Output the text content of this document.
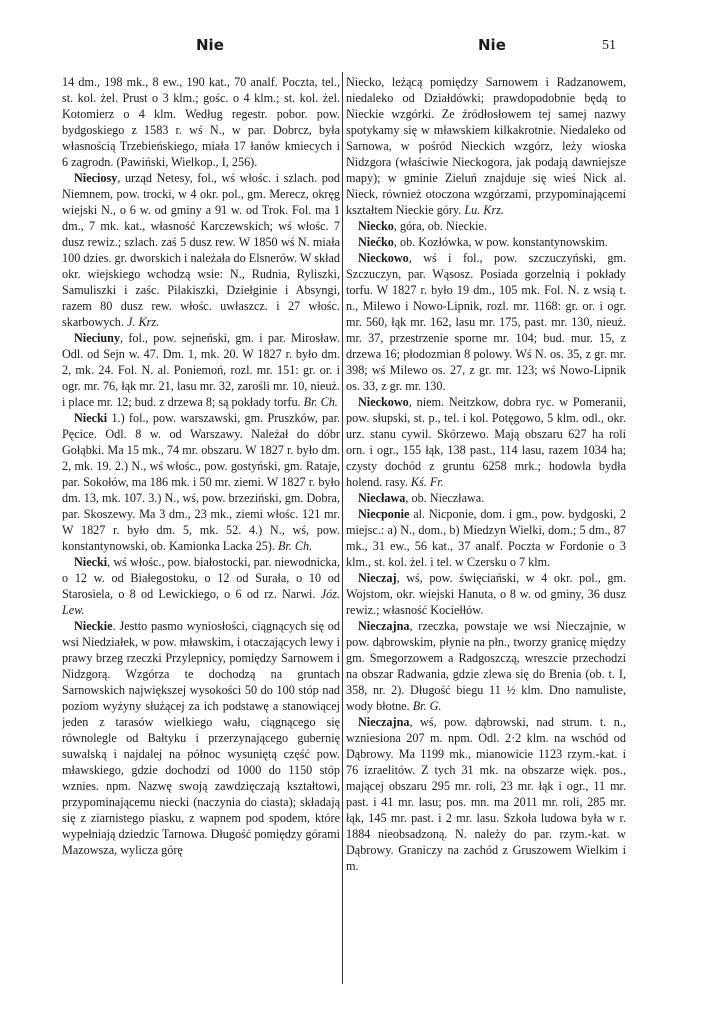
Nie	Nie	51

14 dm., 198 mk., 8 ew., 190 kat., 70 analf. Poczta, tel., st. kol. żel. Prust o 3 klm.; gośc. o 4 klm.; st. kol. żel. Kotomierz o 4 klm. Według regestr. pobor. pow. bydgoskiego z 1583 r. wś N., w par. Dobrcz, była własnością Trzebieńskiego, miała 17 łanów kmiecych i 6 zagrodn. (Pawiński, Wielkop., I, 256).

Nieciosy, urząd Netesy, fol., wś włośc. i szlach. pod Niemnem, pow. trocki, w 4 okr. pol., gm. Merecz, okręg wiejski N., o 6 w. od gminy a 91 w. od Trok. Fol. ma 1 dm., 7 mk. kat., własność Karczewskich; wś włośc. 7 dusz rewiz.; szlach. zaś 5 dusz rew. W 1850 wś N. miała 100 dzies. gr. dworskich i należała do Elsnerów. W skład okr. wiejskiego wchodzą wsie: N., Rudnia, Ryliszki, Samuliszki i zaśc. Pilakiszki, Dziełginie i Absyngi, razem 80 dusz rew. włośc. uwłaszcz. i 27 włośc. skarbowych. J. Krz.

Nieciuny, fol., pow. sejneński, gm. i par. Mirosław. Odl. od Sejn w. 47. Dm. 1, mk. 20. W 1827 r. było dm. 2, mk. 24. Fol. N. al. Poniemoń, rozl. mr. 151: gr. or. i ogr. mr. 76, łąk mr. 21, lasu mr. 32, zarośli mr. 10, nieuż. i place mr. 12; bud. z drzewa 8; są pokłady torfu. Br. Ch.

Niecki 1.) fol., pow. warszawski, gm. Pruszków, par. Pęcice. Odl. 8 w. od Warszawy. Należał do dóbr Gołąbki. Ma 15 mk., 74 mr. obszaru. W 1827 r. było dm. 2, mk. 19. 2.) N., wś włośc., pow. gostyński, gm. Rataje, par. Sokołów, ma 186 mk. i 50 mr. ziemi. W 1827 r. było dm. 13, mk. 107. 3.) N., wś, pow. brzeziński, gm. Dobra, par. Skoszewy. Ma 3 dm., 23 mk., ziemi włośc. 121 mr. W 1827 r. było dm. 5, mk. 52. 4.) N., wś, pow. konstantynowski, ob. Kamionka Lacka 25). Br. Ch.

Niecki, wś włośc., pow. białostocki, par. niewodnicka, o 12 w. od Białegostoku, o 12 od Surała, o 10 od Starosiela, o 8 od Lewickiego, o 6 od rz. Narwi. Józ. Lew.

Nieckie. Jestto pasmo wyniosłości, ciągnących się od wsi Niedziałek, w pow. mławskim, i otaczających lewy i prawy brzeg rzeczki Przylepnicy, pomiędzy Sarnowem i Nidzgorą. Wzgórza te dochodzą na gruntach Sarnowskich największej wysokości 50 do 100 stóp nad poziom wyżyny służącej za ich podstawę a stanowiącej jeden z tarasów wielkiego wału, ciągnącego się równolegle od Bałtyku i przerzynającego gubernię suwalską i najdalej na północ wysuniętą część pow. mławskiego, gdzie dochodzi od 1000 do 1150 stóp wznies. npm. Nazwę swoją zawdzięczają kształtowi, przypominającemu niecki (naczynia do ciasta); składają się z ziarnistego piasku, z wapnem pod spodem, które wypełniają dziedzic Tarnowa. Długość pomiędzy górami Mazowsza, wylicza górę

Niecko, leżącą pomiędzy Sarnowem i Radzanowem, niedaleko od Działdówki; prawdopodobnie będą to Nieckie wzgórki. Ze źródłosłowem tej samej nazwy spotykamy się w mławskiem kilkakrotnie. Niedaleko od Sarnowa, w pośród Nieckich wzgórz, leży wioska Nidzgora (właściwie Nieckogora, jak podają dawniejsze mapy); w gminie Zieluń znajduje się wieś Nick al. Nieck, również otoczona wzgórzami, przypominającemi kształtem Nieckie góry. Lu. Krz.

Niecko, góra, ob. Nieckie.

Niećko, ob. Kozłówka, w pow. konstantynowskim.

Nieckowo, wś i fol., pow. szczuczyński, gm. Szczuczyn, par. Wąsosz. Posiada gorzelnią i pokłady torfu. W 1827 r. było 19 dm., 105 mk. Fol. N. z wsią t. n., Milewo i Nowo-Lipnik, rozl. mr. 1168: gr. or. i ogr. mr. 560, łąk mr. 162, lasu mr. 175, past. mr. 130, nieuż. mr. 37, przestrzenie sporne mr. 104; bud. mur. 15, z drzewa 16; płodozmian 8 polowy. Wś N. os. 35, z gr. mr. 398; wś Milewo os. 27, z gr. mr. 123; wś Nowo-Lipnik os. 33, z gr. mr. 130.

Nieckowo, niem. Neitzkow, dobra ryc. w Pomeranii, pow. słupski, st. p., tel. i kol. Potęgowo, 5 klm. odl., okr. urz. stanu cywil. Skórzewo. Mają obszaru 627 ha roli orn. i ogr., 155 łąk, 138 past., 114 lasu, razem 1034 ha; czysty dochód z gruntu 6258 mrk.; hodowla bydła holend. rasy. Kś. Fr.

Niecława, ob. Nieczława.

Niecponie al. Nicponie, dom. i gm., pow. bydgoski, 2 miejsc.: a) N., dom., b) Miedzyn Wielki, dom.; 5 dm., 87 mk., 31 ew., 56 kat., 37 analf. Poczta w Fordonie o 3 klm., st. kol. żel. i tel. w Czersku o 7 klm.

Nieczaj, wś, pow. święciański, w 4 okr. pol., gm. Wojstom, okr. wiejski Hanuta, o 8 w. od gminy, 36 dusz rewiz.; własność Kociełłów.

Nieczajna, rzeczka, powstaje we wsi Nieczajnie, w pow. dąbrowskim, płynie na płn., tworzy granicę między gm. Smegorzowem a Radgoszczą, wreszcie przechodzi na obszar Radwania, gdzie zlewa się do Brenia (ob. t. I, 358, nr. 2). Długość biegu 11 ½ klm. Dno namuliste, wody błotne. Br. G.

Nieczajna, wś, pow. dąbrowski, nad strum. t. n., wzniesiona 207 m. npm. Odl. 2·2 klm. na wschód od Dąbrowy. Ma 1199 mk., mianowicie 1123 rzym.-kat. i 76 izraelitów. Z tych 31 mk. na obszarze więk. pos., mającej obszaru 295 mr. roli, 23 mr. łąk i ogr., 11 mr. past. i 41 mr. lasu; pos. mn. ma 2011 mr. roli, 285 mr. łąk, 145 mr. past. i 2 mr. lasu. Szkoła ludowa była w r. 1884 nieobsadzoną. N. należy do par. rzym.-kat. w Dąbrowy. Graniczy na zachód z Gruszowem Wielkim i m.
